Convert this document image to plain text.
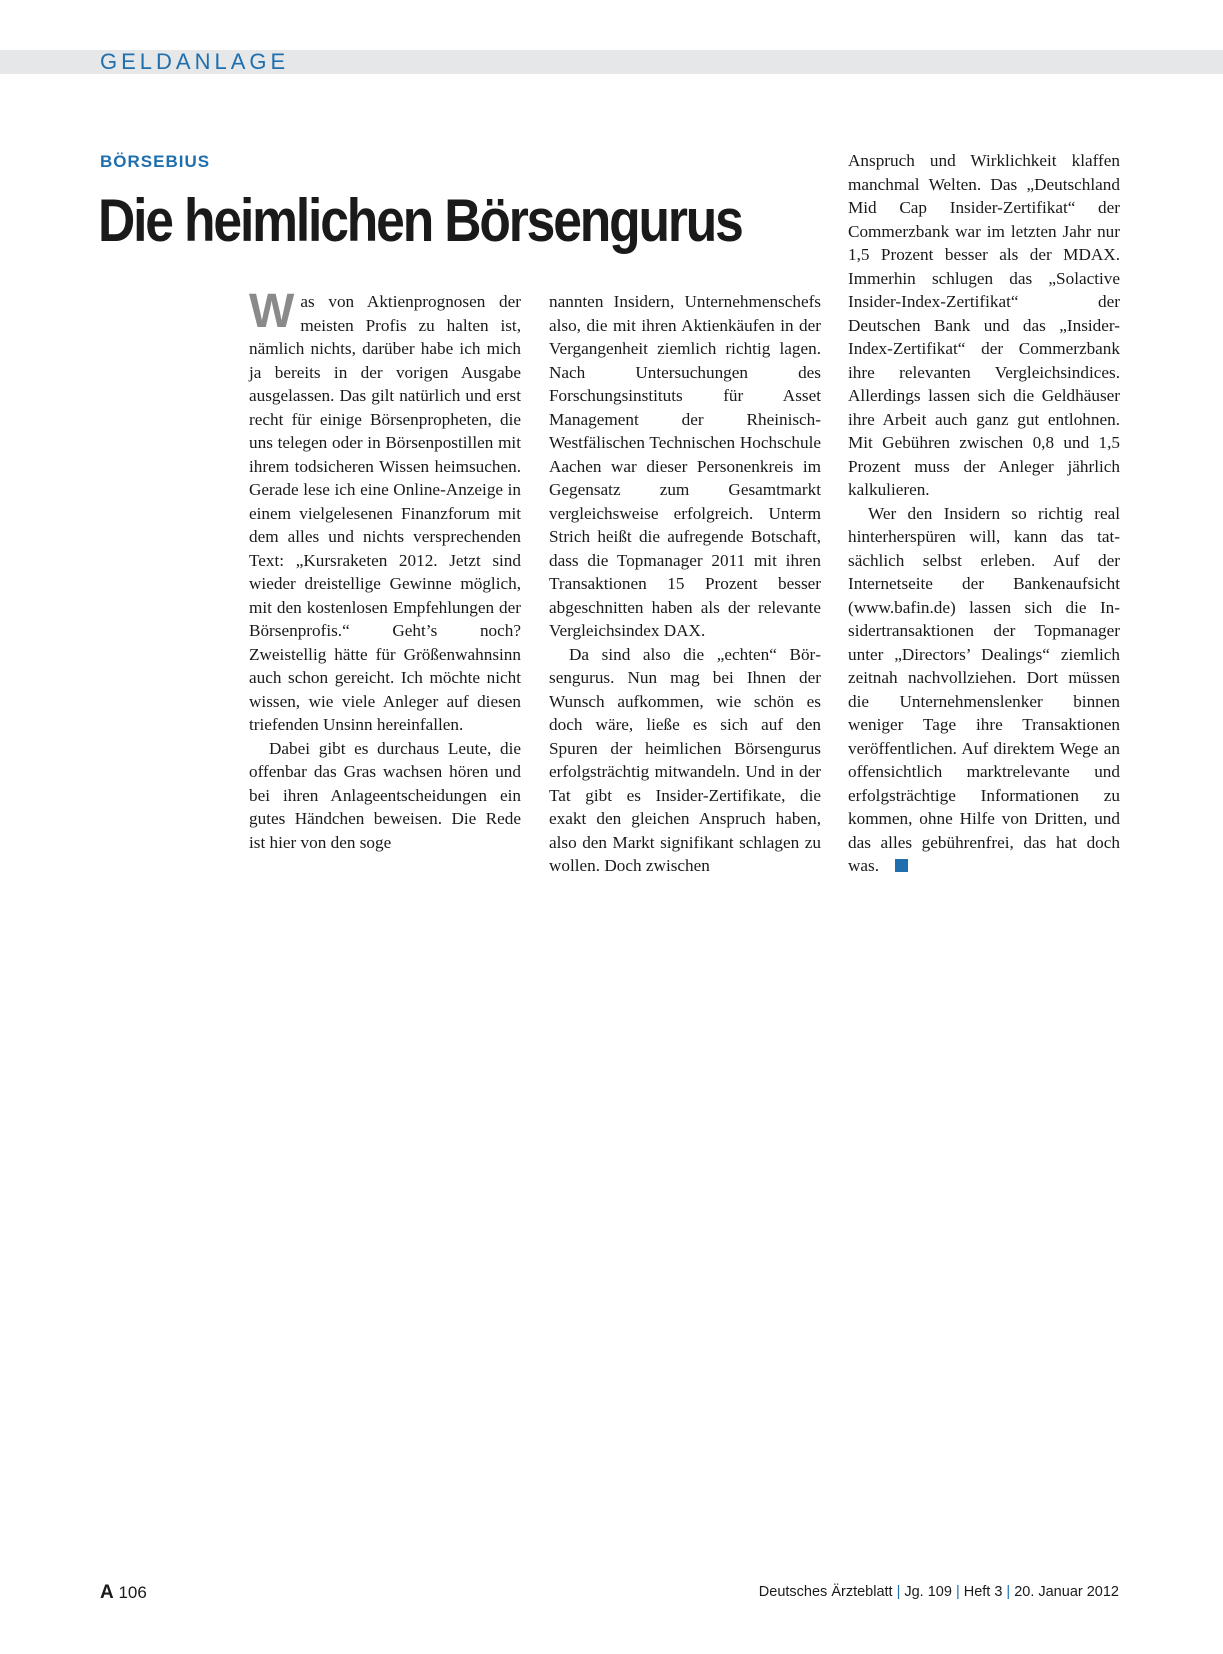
GELDANLAGE
BÖRSEBIUS
Die heimlichen Börsengurus

Was von Aktienprognosen der meisten Profis zu halten ist, nämlich nichts, darüber habe ich mich ja bereits in der vorigen Ausgabe ausgelassen. Das gilt natürlich und erst recht für einige Börsenpropheten, die uns telegen oder in Börsenpostillen mit ihrem todsicheren Wissen heimsuchen. Gerade lese ich eine Online-Anzeige in einem vielgelesenen Finanzforum mit dem alles und nichts versprechenden Text: „Kursraketen 2012. Jetzt sind wieder dreistellige Gewinne möglich, mit den kostenlosen Empfehlungen der Börsenprofis.“ Geht’s noch? Zweistellig hätte für Größenwahnsinn auch schon gereicht. Ich möchte nicht wissen, wie viele Anleger auf diesen triefenden Unsinn hereinfallen.

Dabei gibt es durchaus Leute, die offenbar das Gras wachsen hören und bei ihren Anlageentscheidungen ein gutes Händchen beweisen. Die Rede ist hier von den soge

nannten Insidern, Unternehmenschefs also, die mit ihren Aktienkäufen in der Vergangenheit ziemlich richtig lagen. Nach Untersuchungen des Forschungsinstituts für Asset Management der Rheinisch-Westfälischen Technischen Hochschule Aachen war dieser Personenkreis im Gegensatz zum Gesamtmarkt vergleichsweise erfolgreich. Unterm Strich heißt die aufregende Botschaft, dass die Topmanager 2011 mit ihren Transaktionen 15 Prozent besser abgeschnitten haben als der relevante Vergleichsindex DAX.

Da sind also die „echten“ Börsengurus. Nun mag bei Ihnen der Wunsch aufkommen, wie schön es doch wäre, ließe es sich auf den Spuren der heimlichen Börsengurus erfolgsträchtig mitwandeln. Und in der Tat gibt es Insider-Zertifikate, die exakt den gleichen Anspruch haben, also den Markt signifikant schlagen zu wollen. Doch zwischen

Anspruch und Wirklichkeit klaffen manchmal Welten. Das „Deutschland Mid Cap Insider-Zertifikat“ der Commerzbank war im letzten Jahr nur 1,5 Prozent besser als der MDAX. Immerhin schlugen das „Solactive Insider-Index-Zertifikat“ der Deutschen Bank und das „Insider-Index-Zertifikat“ der Commerzbank ihre relevanten Vergleichsindices. Allerdings lassen sich die Geldhäuser ihre Arbeit auch ganz gut entlohnen. Mit Gebühren zwischen 0,8 und 1,5 Prozent muss der Anleger jährlich kalkulieren.

Wer den Insidern so richtig real hinterherspüren will, kann das tatsächlich selbst erleben. Auf der Internetseite der Bankenaufsicht (www.bafin.de) lassen sich die Insidertransaktionen der Topmanager unter „Directors’ Dealings“ ziemlich zeitnah nachvollziehen. Dort müssen die Unternehmenslenker binnen weniger Tage ihre Transaktionen veröffentlichen. Auf direktem Wege an offensichtlich marktrelevante und erfolgsträchtige Informationen zu kommen, ohne Hilfe von Dritten, und das alles gebührenfrei, das hat doch was.

A 106	Deutsches Ärzteblatt | Jg. 109 | Heft 3 | 20. Januar 2012
